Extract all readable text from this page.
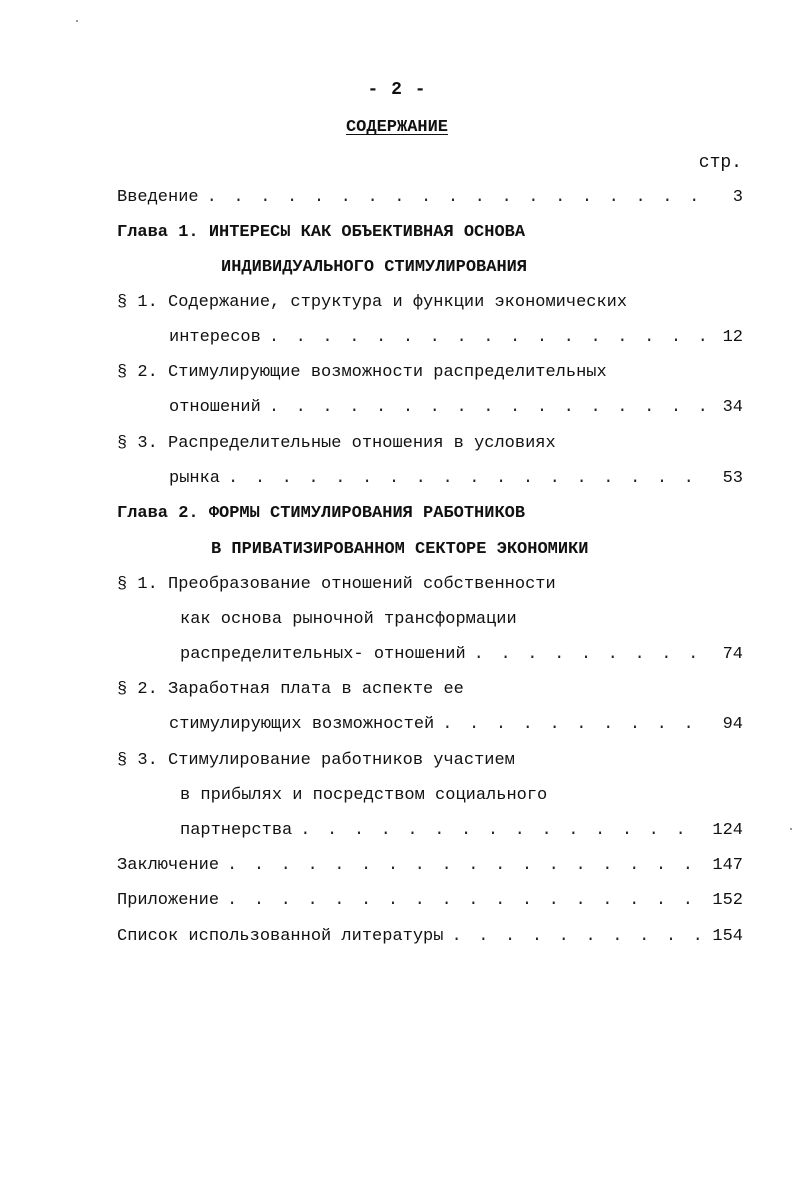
- 2 -
СОДЕРЖАНИЕ
стр.
Введение . . .	3
Глава 1. ИНТЕРЕСЫ КАК ОБЪЕКТИВНАЯ ОСНОВА
ИНДИВИДУАЛЬНОГО СТИМУЛИРОВАНИЯ
§ 1. Содержание, структура и функции экономических
интересов . . .	12
§ 2. Стимулирующие возможности распределительных
отношений . . .	34
§ 3. Распределительные отношения в условиях
рынка . . .	53
Глава 2. ФОРМЫ СТИМУЛИРОВАНИЯ РАБОТНИКОВ
В ПРИВАТИЗИРОВАННОМ СЕКТОРЕ ЭКОНОМИКИ
§ 1. Преобразование отношений собственности
как основа рыночной трансформации
распределительных- отношений . . .	74
§ 2. Заработная плата в аспекте ее
стимулирующих возможностей . . .	94
§ 3. Стимулирование работников участием
в прибылях и посредством социального
партнерства . . .	124
Заключение . . .	147
Приложение . . .	152
Список использованной литературы . . .	154
